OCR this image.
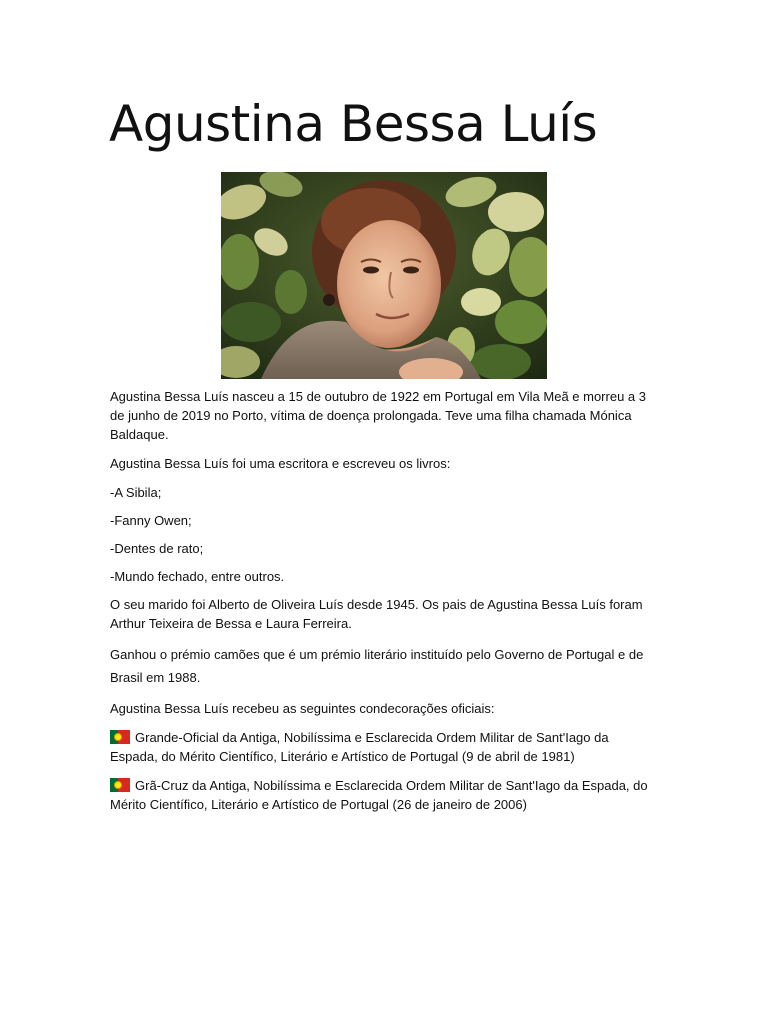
Agustina Bessa Luís

Agustina Bessa Luís nasceu a 15 de outubro de 1922 em Portugal em Vila Meã e morreu a 3 de junho de 2019 no Porto, vítima de doença prolongada. Teve uma filha chamada Mónica Baldaque.

Agustina Bessa Luís foi uma escritora e escreveu os livros:

-A Sibila;

-Fanny Owen;

-Dentes de rato;

-Mundo fechado, entre outros.

O seu marido foi Alberto de Oliveira Luís desde 1945. Os pais de Agustina Bessa Luís foram Arthur Teixeira de Bessa e Laura Ferreira.

Ganhou o prémio camões que é um prémio literário instituído pelo Governo de Portugal e de Brasil em 1988.

Agustina Bessa Luís recebeu as seguintes condecorações oficiais:

Grande-Oficial da Antiga, Nobilíssima e Esclarecida Ordem Militar de Sant'Iago da Espada, do Mérito Científico, Literário e Artístico de Portugal (9 de abril de 1981)

Grã-Cruz da Antiga, Nobilíssima e Esclarecida Ordem Militar de Sant'Iago da Espada, do Mérito Científico, Literário e Artístico de Portugal (26 de janeiro de 2006)
